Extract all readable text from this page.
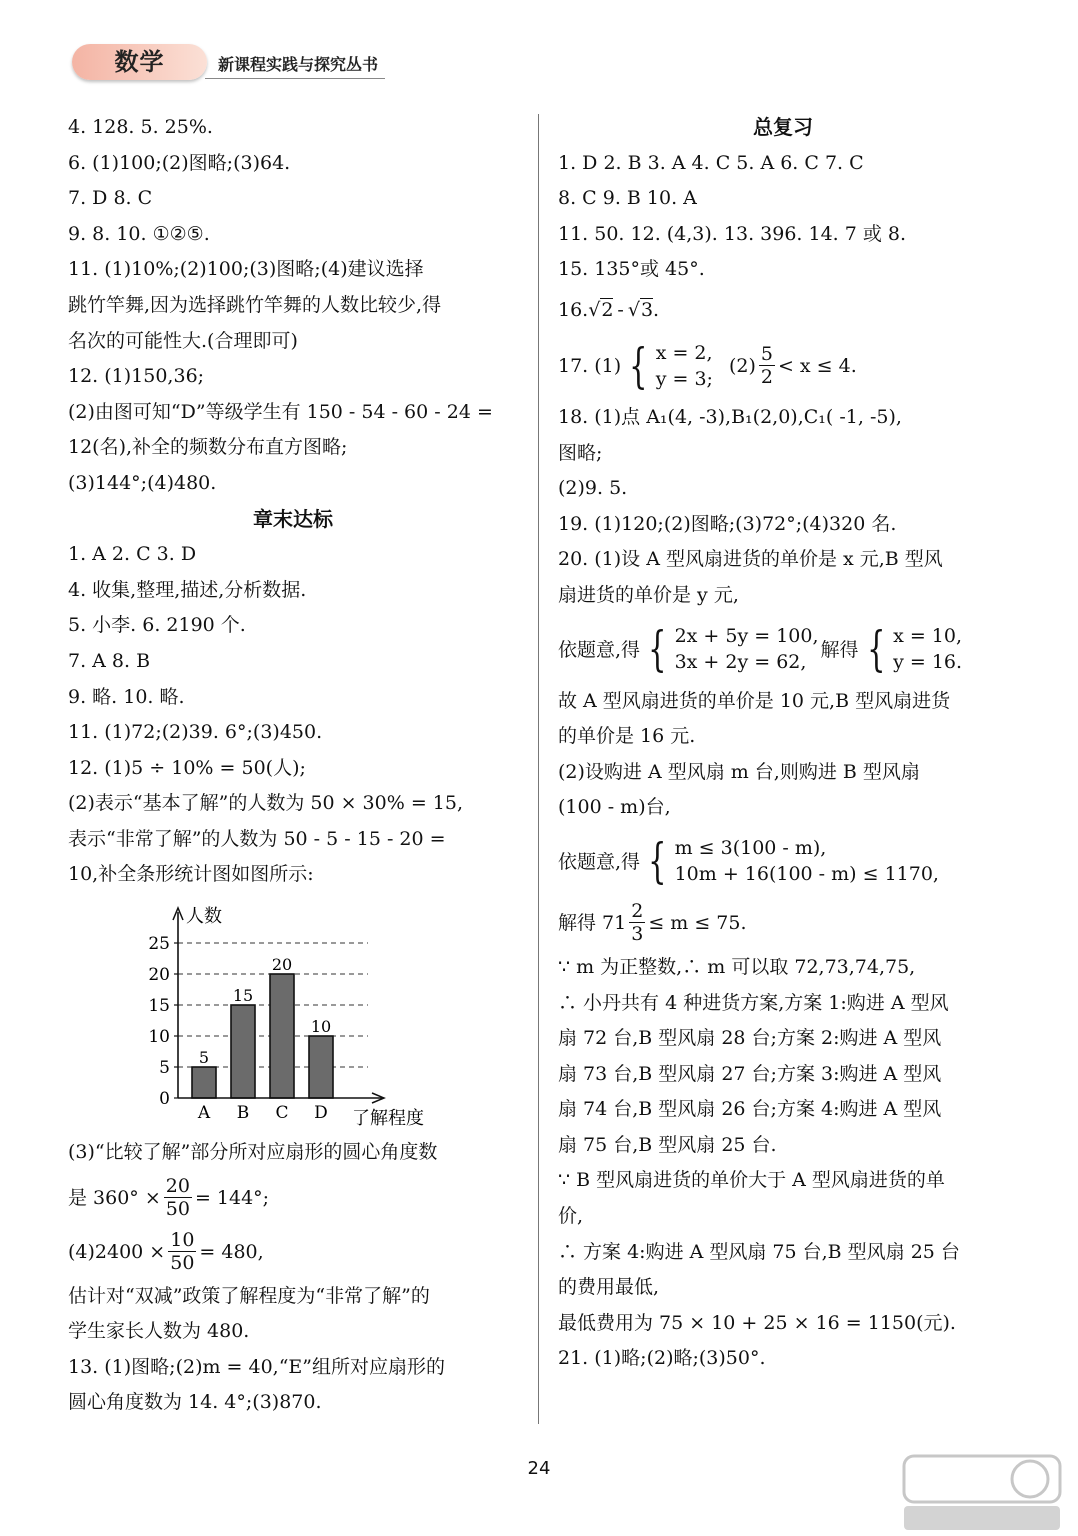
数学	新课程实践与探究丛书
4. 128. 5. 25%.
6. (1)100;(2)图略;(3)64.
7. D 8. C
9. 8. 10. ①②⑤.
11. (1)10%;(2)100;(3)图略;(4)建议选择
跳竹竿舞,因为选择跳竹竿舞的人数比较少,得
名次的可能性大.(合理即可)
12. (1)150,36;
(2)由图可知“D”等级学生有 150 - 54 - 60 - 24 =
12(名),补全的频数分布直方图略;
(3)144°;(4)480.
章末达标
1. A 2. C 3. D
4. 收集,整理,描述,分析数据.
5. 小李. 6. 2190 个.
7. A 8. B
9. 略. 10. 略.
11. (1)72;(2)39. 6°;(3)450.
12. (1)5 ÷ 10% = 50(人);
(2)表示“基本了解”的人数为 50 × 30% = 15,
表示“非常了解”的人数为 50 - 5 - 15 - 20 =
10,补全条形统计图如图所示:
(3)“比较了解”部分所对应扇形的圆心角度数
是 $360^\circ \times \frac{20}{50} = 144^\circ$;
$(4)2400 \times \frac{10}{50} = 480$,
估计对“双减”政策了解程度为“非常了解”的
学生家长人数为 480.
13. (1)图略;(2)m = 40,“E”组所对应扇形的
圆心角度数为 14. 4°;(3)870.
0
5
10
15
20
25
5
A
15
B
20
C
10
D
人数
了解程度
总复习
1. D 2. B 3. A 4. C 5. A 6. C 7. C
8. C 9. B 10. A
11. 50. 12. (4,3). 13. 396. 14. 7 或 8.
15. 135°或 45°.
16. √ 2 - √ 3 .
17. (1) { x = 2,
y = 3;
$(2) \frac{5}{2} < x \le 4$.
18. (1)点 A₁(4, -3),B₁(2,0),C₁( -1, -5),
图略;
(2)9. 5.
19. (1)120;(2)图略;(3)72°;(4)320 名.
20. (1)设 A 型风扇进货的单价是 x 元,B 型风
扇进货的单价是 y 元,
依题意,得 { 2x + 5y = 100,
3x + 2y = 62,
解得 { x = 10,
y = 16.
故 A 型风扇进货的单价是 10 元,B 型风扇进货
的单价是 16 元.
(2)设购进 A 型风扇 m 台,则购进 B 型风扇
(100 - m)台,
依题意,得 { m ≤ 3(100 - m),
10m + 16(100 - m) ≤ 1170,
解得 $71 \frac{2}{3} \le m \le 75$.
∵ m 为正整数,∴ m 可以取 72,73,74,75,
∴ 小丹共有 4 种进货方案,方案 1:购进 A 型风
扇 72 台,B 型风扇 28 台;方案 2:购进 A 型风
扇 73 台,B 型风扇 27 台;方案 3:购进 A 型风
扇 74 台,B 型风扇 26 台;方案 4:购进 A 型风
扇 75 台,B 型风扇 25 台.
∵ B 型风扇进货的单价大于 A 型风扇进货的单
价,
∴ 方案 4:购进 A 型风扇 75 台,B 型风扇 25 台
的费用最低,
最低费用为 75 × 10 + 25 × 16 = 1150(元).
21. (1)略;(2)略;(3)50°.
24
